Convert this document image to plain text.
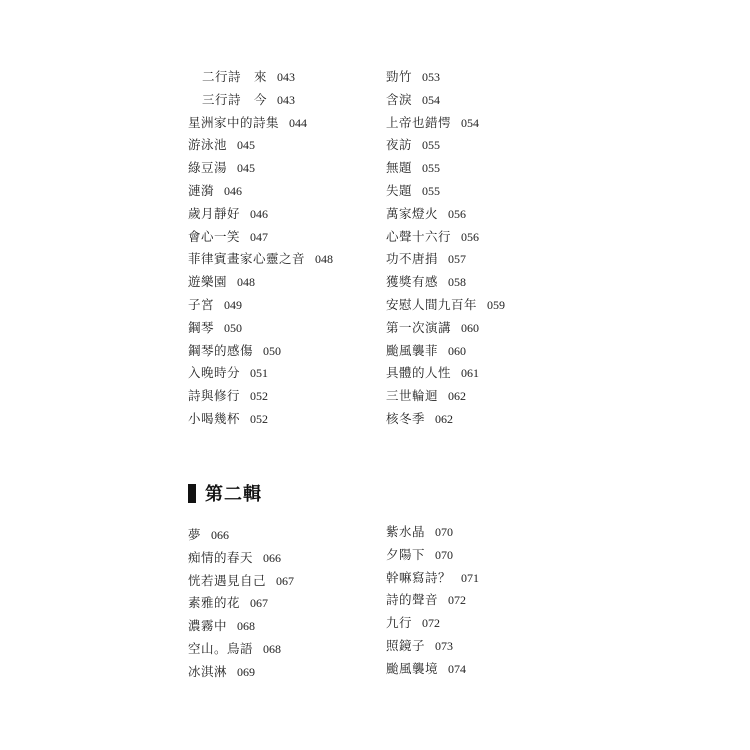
二行詩　來 043
三行詩　今 043
星洲家中的詩集 044
游泳池 045
綠豆湯 045
漣漪 046
歲月靜好 046
會心一笑 047
菲律賓畫家心靈之音 048
遊樂園 048
子宮 049
鋼琴 050
鋼琴的感傷 050
入晚時分 051
詩與修行 052
小喝幾杯 052
勁竹 053
含淚 054
上帝也錯愕 054
夜訪 055
無題 055
失題 055
萬家燈火 056
心聲十六行 056
功不唐捐 057
獲獎有感 058
安慰人間九百年 059
第一次演講 060
颱風襲菲 060
具體的人性 061
三世輪迴 062
核冬季 062
第二輯
夢 066
痴情的春天 066
恍若遇見自己 067
素雅的花 067
濃霧中 068
空山。鳥語 068
冰淇淋 069
紫水晶 070
夕陽下 070
幹嘛寫詩？ 071
詩的聲音 072
九行 072
照鏡子 073
颱風襲境 074
